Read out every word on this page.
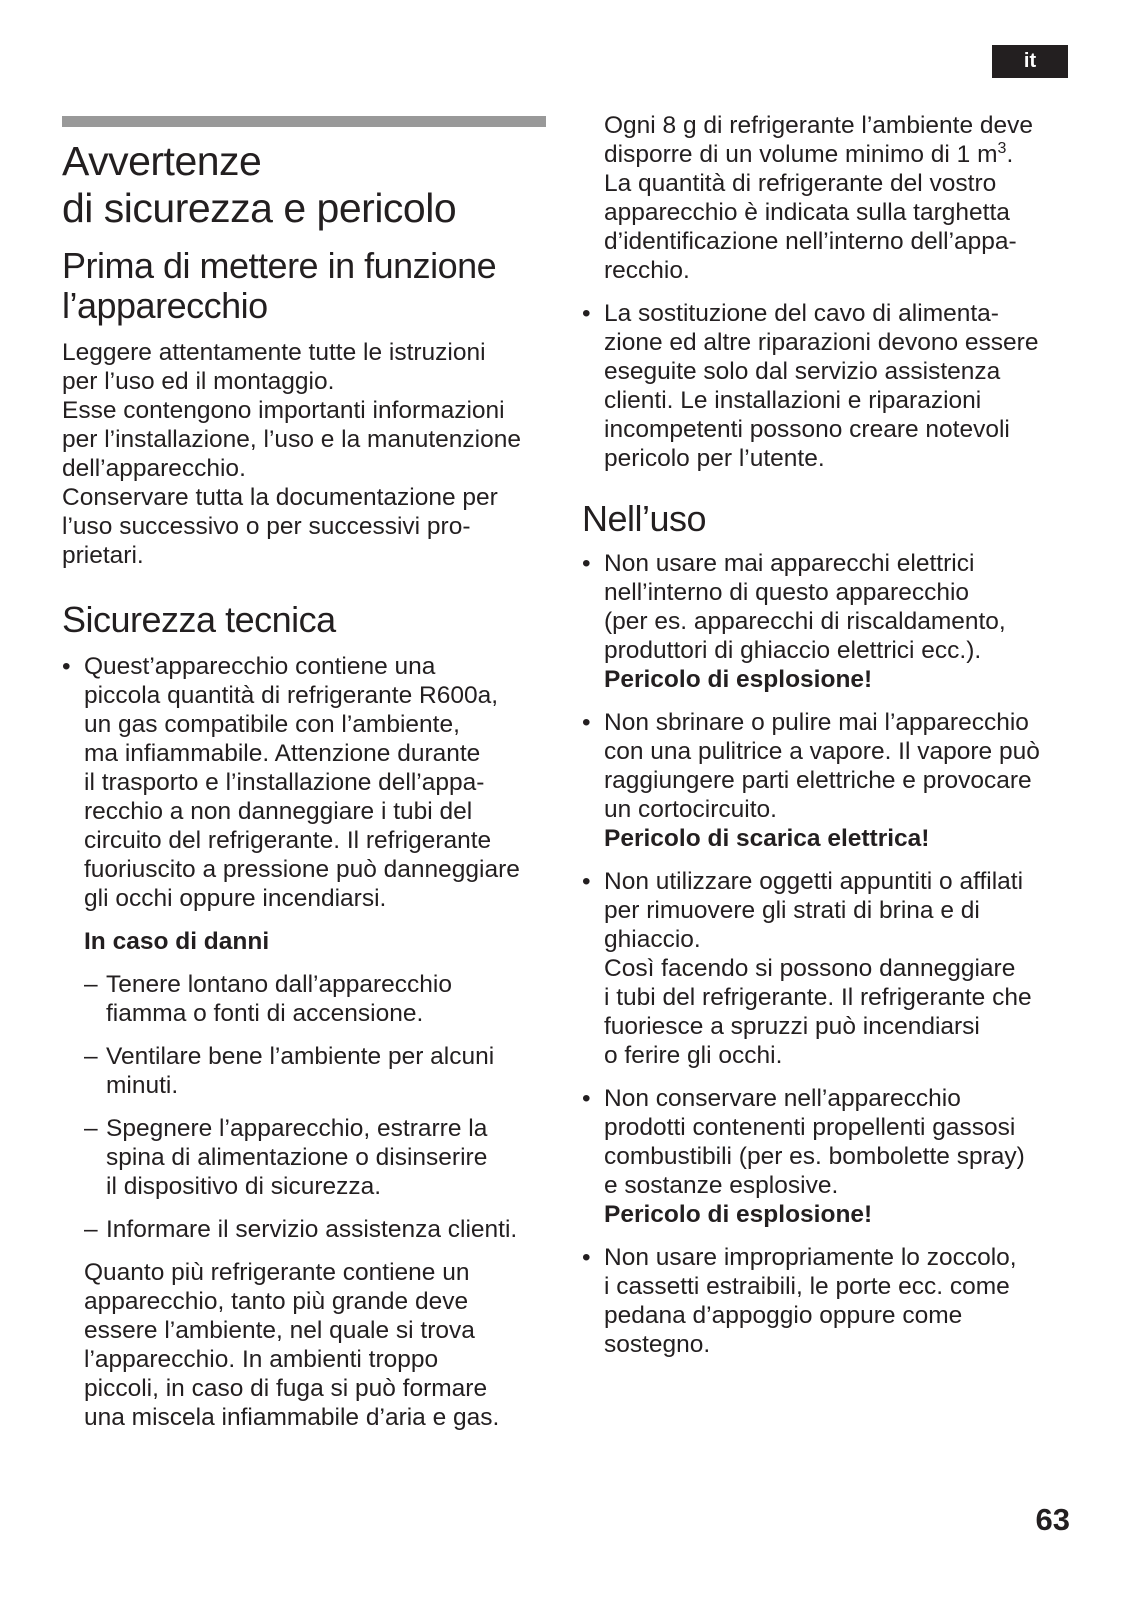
it
Avvertenze
di sicurezza e pericolo
Prima di mettere in funzione
l’apparecchio

Leggere attentamente tutte le istruzioni
per l’uso ed il montaggio.
Esse contengono importanti informazioni
per l’installazione, l’uso e la manutenzione
dell’apparecchio.
Conservare tutta la documentazione per
l’uso successivo o per successivi pro-
prietari.

Sicurezza tecnica
• Quest’apparecchio contiene una
piccola quantità di refrigerante R600a,
un gas compatibile con l’ambiente,
ma infiammabile. Attenzione durante
il trasporto e l’installazione dell’appa-
recchio a non danneggiare i tubi del
circuito del refrigerante. Il refrigerante
fuoriuscito a pressione può danneggiare
gli occhi oppure incendiarsi.

In caso di danni

– Tenere lontano dall’apparecchio
fiamma o fonti di accensione.

– Ventilare bene l’ambiente per alcuni
minuti.

– Spegnere l’apparecchio, estrarre la
spina di alimentazione o disinserire
il dispositivo di sicurezza.

– Informare il servizio assistenza clienti.

Quanto più refrigerante contiene un
apparecchio, tanto più grande deve
essere l’ambiente, nel quale si trova
l’apparecchio. In ambienti troppo
piccoli, in caso di fuga si può formare
una miscela infiammabile d’aria e gas.

Ogni 8 g di refrigerante l’ambiente deve

disporre di un volume minimo di 1 $m^3$.

La quantità di refrigerante del vostro
apparecchio è indicata sulla targhetta
d’identificazione nell’interno dell’appa-
recchio.

• La sostituzione del cavo di alimenta-
zione ed altre riparazioni devono essere
eseguite solo dal servizio assistenza
clienti. Le installazioni e riparazioni
incompetenti possono creare notevoli
pericolo per l’utente.

Nell’uso
• Non usare mai apparecchi elettrici
nell’interno di questo apparecchio
(per es. apparecchi di riscaldamento,
produttori di ghiaccio elettrici ecc.).

Pericolo di esplosione!

• Non sbrinare o pulire mai l’apparecchio
con una pulitrice a vapore. Il vapore può
raggiungere parti elettriche e provocare
un cortocircuito.

Pericolo di scarica elettrica!

• Non utilizzare oggetti appuntiti o affilati
per rimuovere gli strati di brina e di
ghiaccio.
Così facendo si possono danneggiare
i tubi del refrigerante. Il refrigerante che
fuoriesce a spruzzi può incendiarsi
o ferire gli occhi.

• Non conservare nell’apparecchio
prodotti contenenti propellenti gassosi
combustibili (per es. bombolette spray)
e sostanze esplosive.

Pericolo di esplosione!

• Non usare impropriamente lo zoccolo,
i cassetti estraibili, le porte ecc. come
pedana d’appoggio oppure come
sostegno.

63
